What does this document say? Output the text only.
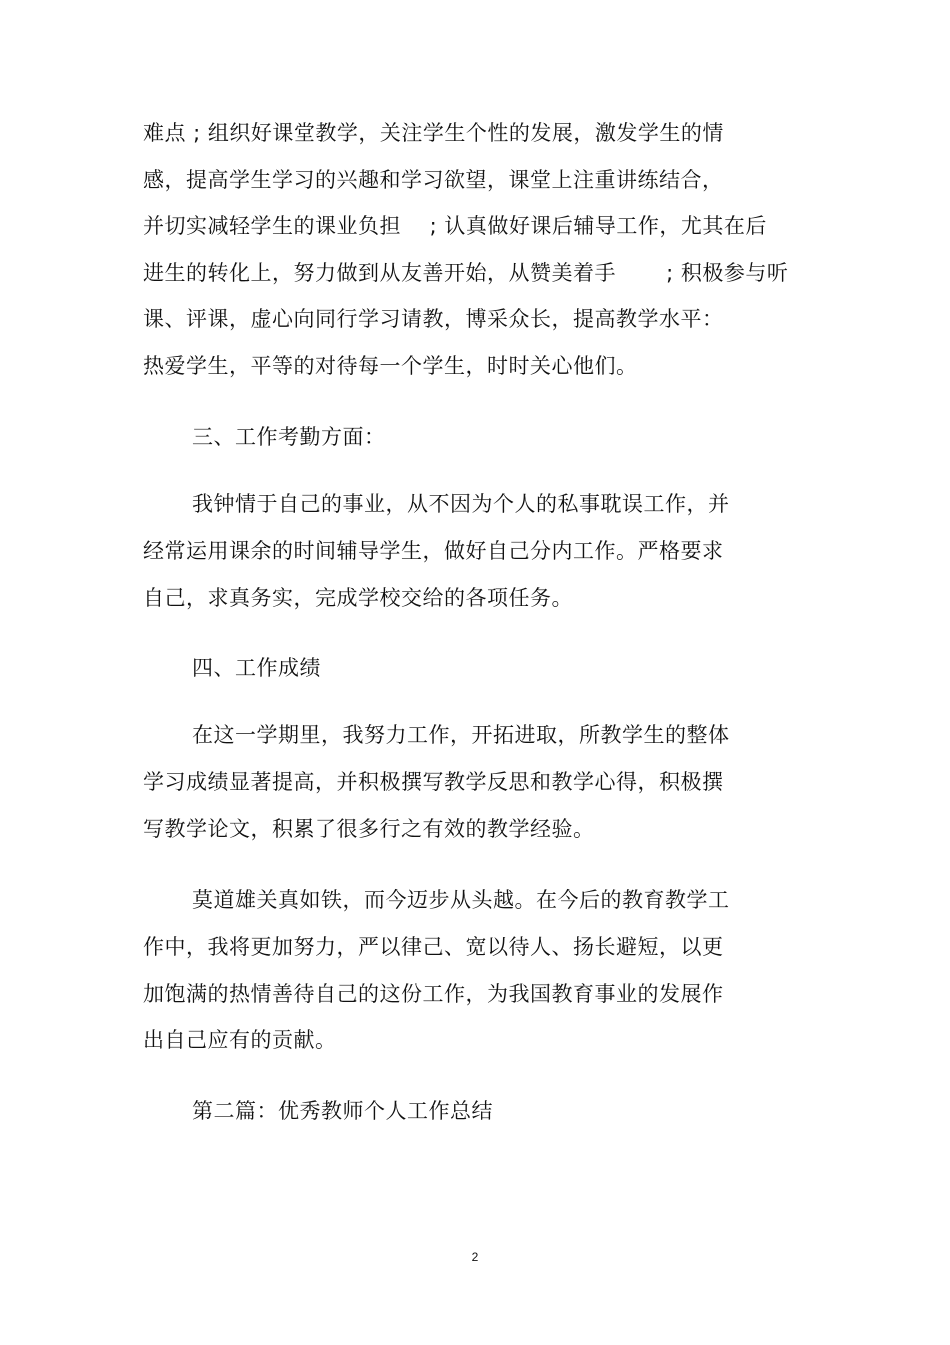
难点 ; 组织好课堂教学，关注学生个性的发展，激发学生的情
感，提高学生学习的兴趣和学习欲望，课堂上注重讲练结合，
并切实减轻学生的课业负担　 ; 认真做好课后辅导工作，尤其在后
进生的转化上，努力做到从友善开始，从赞美着手　　 ; 积极参与听
课、评课，虚心向同行学习请教，博采众长，提高教学水平：
热爱学生，平等的对待每一个学生，时时关心他们。
三、工作考勤方面：
我钟情于自己的事业，从不因为个人的私事耽误工作，并
经常运用课余的时间辅导学生，做好自己分内工作。严格要求
自己，求真务实，完成学校交给的各项任务。
四、工作成绩
在这一学期里，我努力工作，开拓进取，所教学生的整体
学习成绩显著提高，并积极撰写教学反思和教学心得，积极撰
写教学论文，积累了很多行之有效的教学经验。
莫道雄关真如铁，而今迈步从头越。在今后的教育教学工
作中，我将更加努力，严以律己、宽以待人、扬长避短，以更
加饱满的热情善待自己的这份工作，为我国教育事业的发展作
出自己应有的贡献。
第二篇：优秀教师个人工作总结
2
